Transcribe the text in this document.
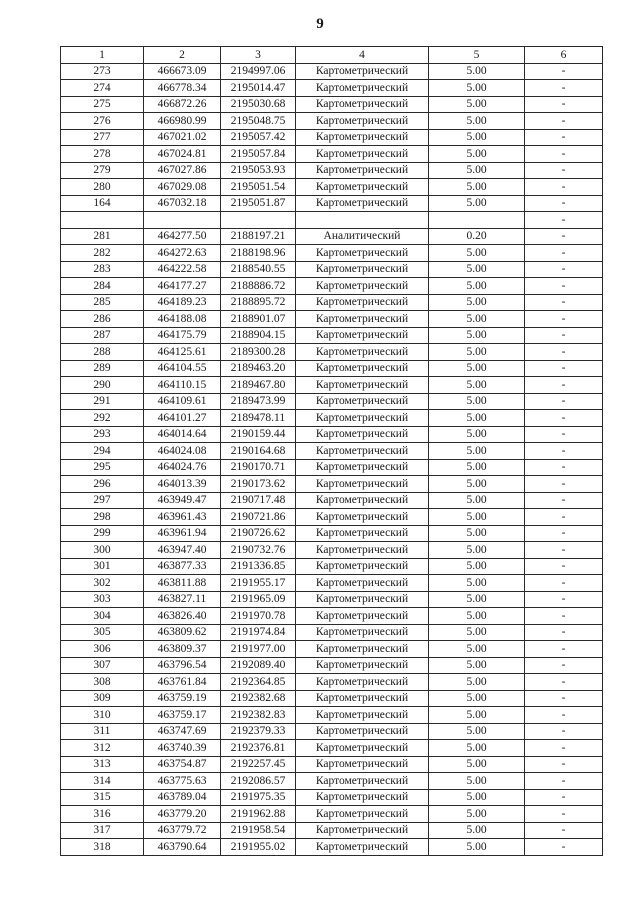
9
1	2	3	4	5	6
273	466673.09	2194997.06	Картометрический	5.00	-
274	466778.34	2195014.47	Картометрический	5.00	-
275	466872.26	2195030.68	Картометрический	5.00	-
276	466980.99	2195048.75	Картометрический	5.00	-
277	467021.02	2195057.42	Картометрический	5.00	-
278	467024.81	2195057.84	Картометрический	5.00	-
279	467027.86	2195053.93	Картометрический	5.00	-
280	467029.08	2195051.54	Картометрический	5.00	-
164	467032.18	2195051.87	Картометрический	5.00	-
					-
281	464277.50	2188197.21	Аналитический	0.20	-
282	464272.63	2188198.96	Картометрический	5.00	-
283	464222.58	2188540.55	Картометрический	5.00	-
284	464177.27	2188886.72	Картометрический	5.00	-
285	464189.23	2188895.72	Картометрический	5.00	-
286	464188.08	2188901.07	Картометрический	5.00	-
287	464175.79	2188904.15	Картометрический	5.00	-
288	464125.61	2189300.28	Картометрический	5.00	-
289	464104.55	2189463.20	Картометрический	5.00	-
290	464110.15	2189467.80	Картометрический	5.00	-
291	464109.61	2189473.99	Картометрический	5.00	-
292	464101.27	2189478.11	Картометрический	5.00	-
293	464014.64	2190159.44	Картометрический	5.00	-
294	464024.08	2190164.68	Картометрический	5.00	-
295	464024.76	2190170.71	Картометрический	5.00	-
296	464013.39	2190173.62	Картометрический	5.00	-
297	463949.47	2190717.48	Картометрический	5.00	-
298	463961.43	2190721.86	Картометрический	5.00	-
299	463961.94	2190726.62	Картометрический	5.00	-
300	463947.40	2190732.76	Картометрический	5.00	-
301	463877.33	2191336.85	Картометрический	5.00	-
302	463811.88	2191955.17	Картометрический	5.00	-
303	463827.11	2191965.09	Картометрический	5.00	-
304	463826.40	2191970.78	Картометрический	5.00	-
305	463809.62	2191974.84	Картометрический	5.00	-
306	463809.37	2191977.00	Картометрический	5.00	-
307	463796.54	2192089.40	Картометрический	5.00	-
308	463761.84	2192364.85	Картометрический	5.00	-
309	463759.19	2192382.68	Картометрический	5.00	-
310	463759.17	2192382.83	Картометрический	5.00	-
311	463747.69	2192379.33	Картометрический	5.00	-
312	463740.39	2192376.81	Картометрический	5.00	-
313	463754.87	2192257.45	Картометрический	5.00	-
314	463775.63	2192086.57	Картометрический	5.00	-
315	463789.04	2191975.35	Картометрический	5.00	-
316	463779.20	2191962.88	Картометрический	5.00	-
317	463779.72	2191958.54	Картометрический	5.00	-
318	463790.64	2191955.02	Картометрический	5.00	-
